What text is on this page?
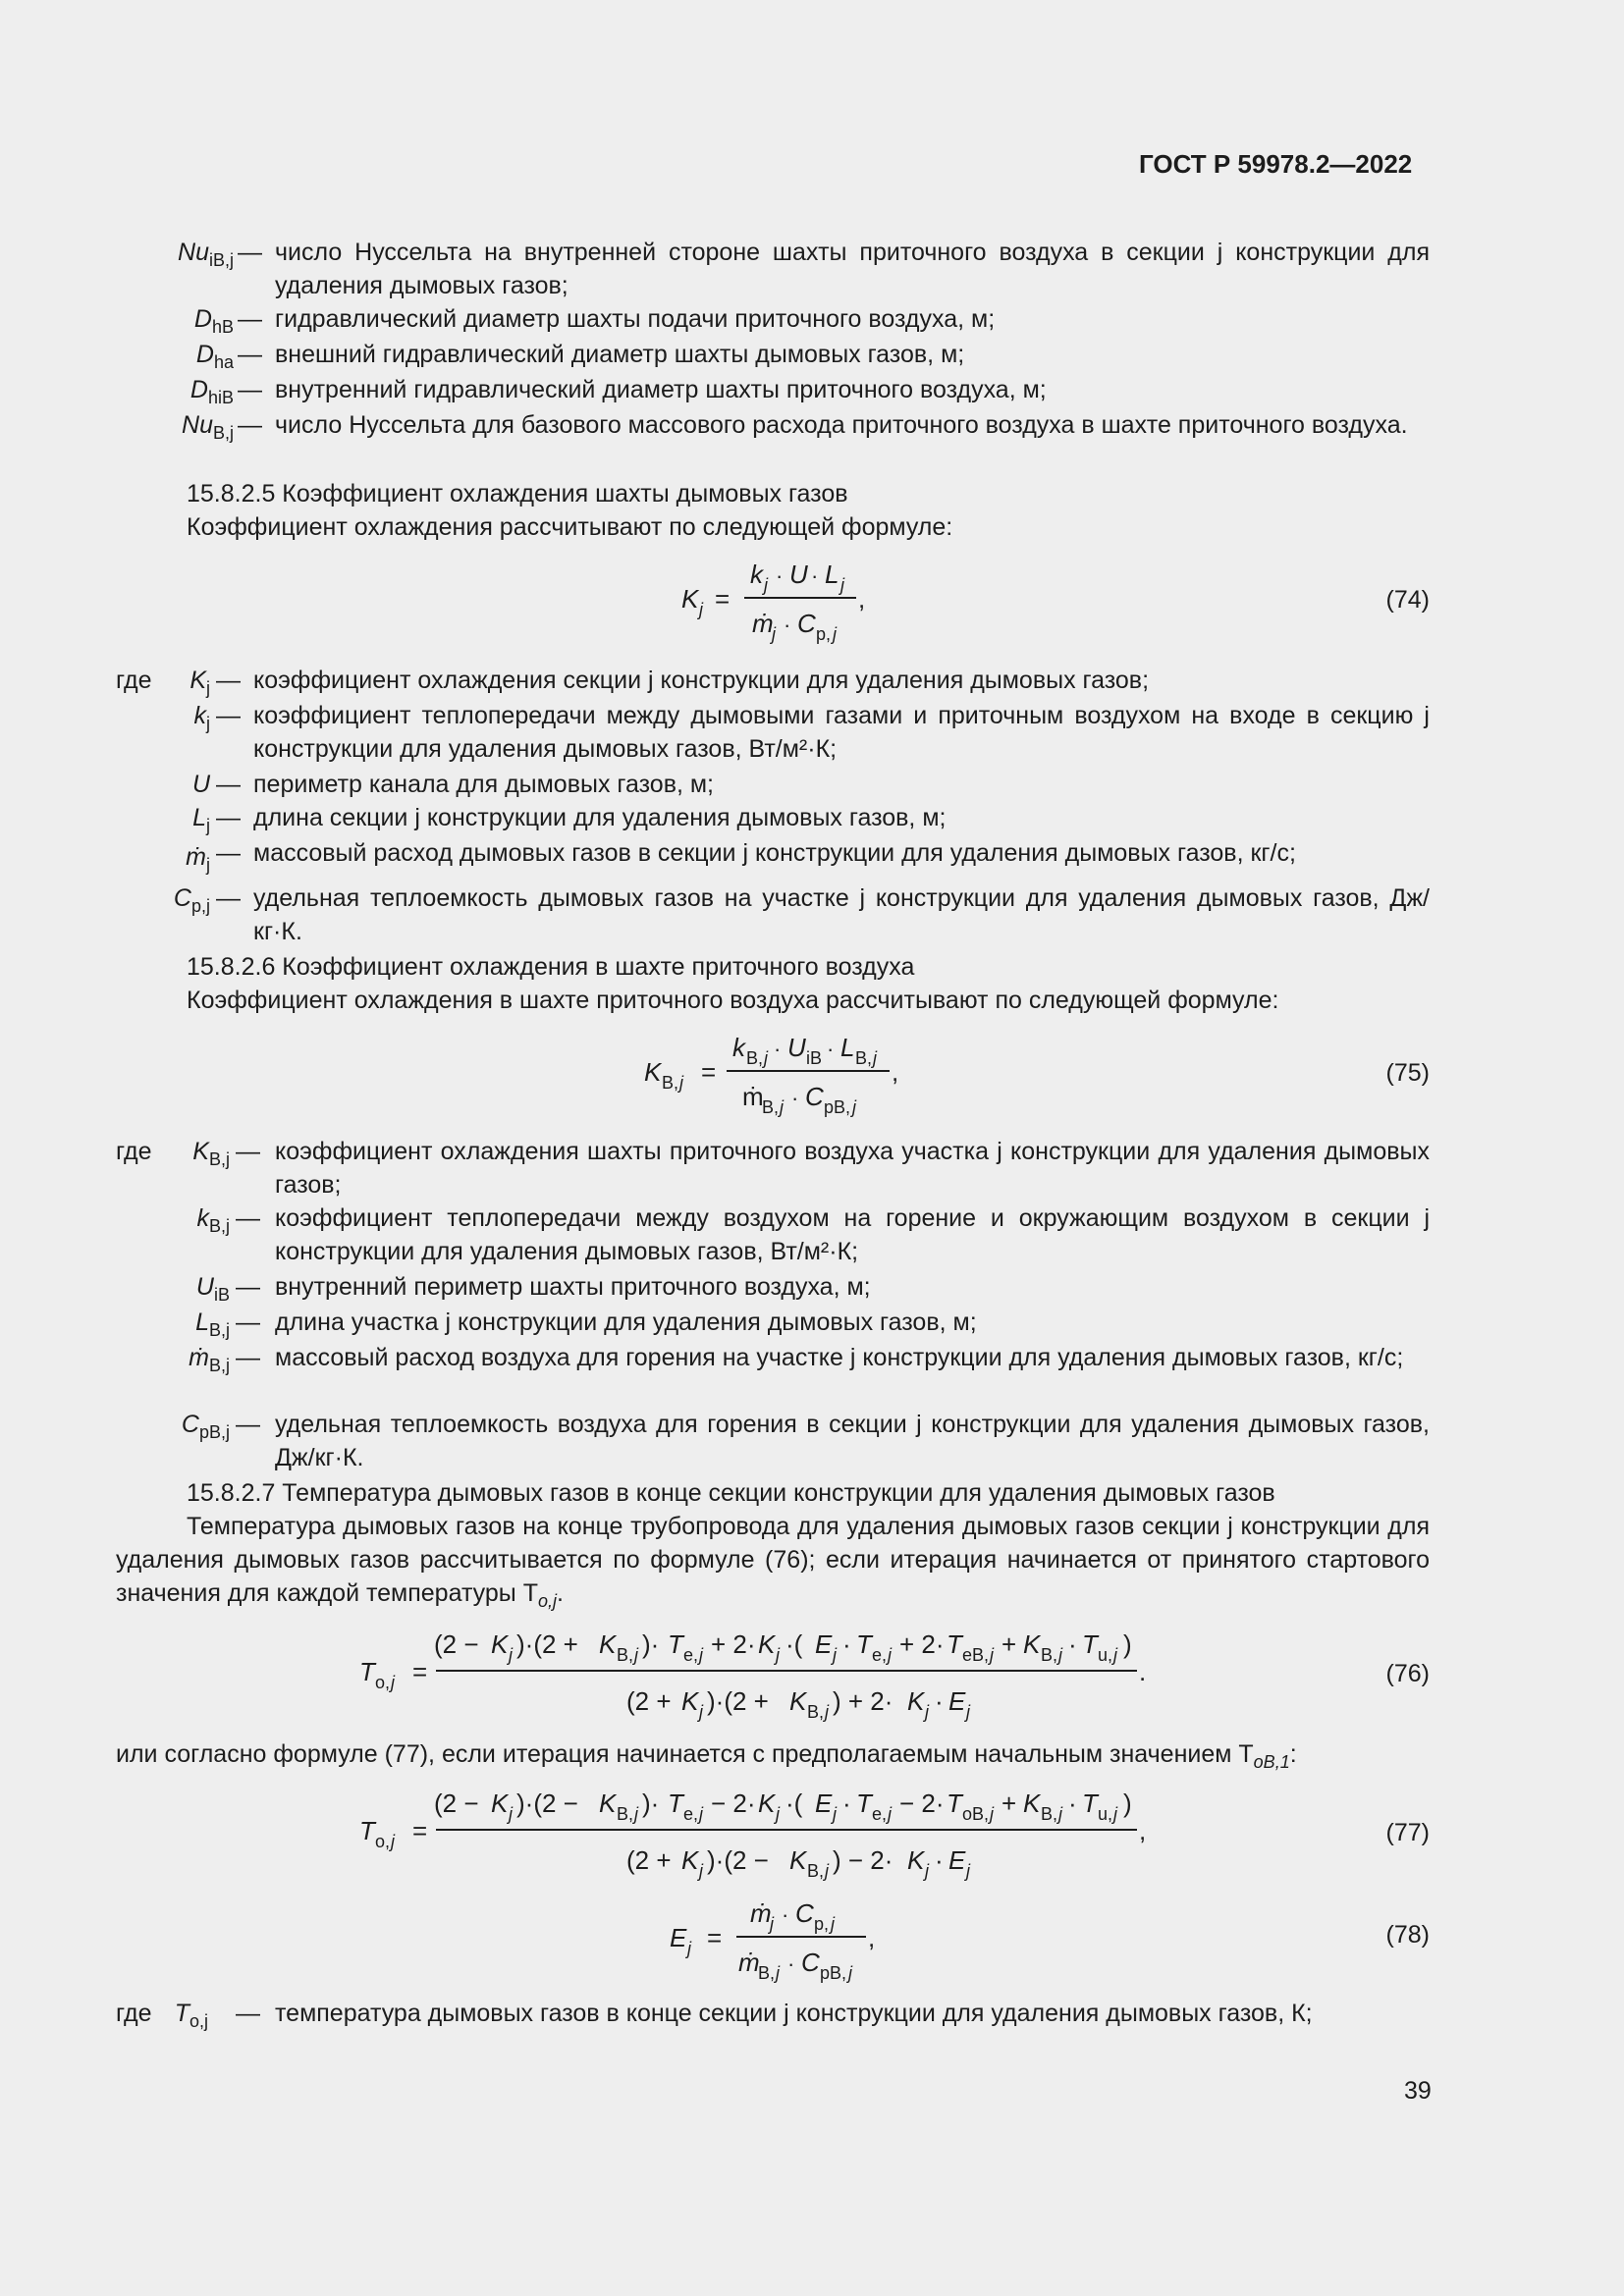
ГОСТ Р 59978.2—2022
$Nu_{iB,j}$ — число Нуссельта на внутренней стороне шахты приточного воздуха в секции j конструкции для удаления дымовых газов;
$D_{hB}$ — гидравлический диаметр шахты подачи приточного воздуха, м;
$D_{ha}$ — внешний гидравлический диаметр шахты дымовых газов, м;
$D_{hiB}$ — внутренний гидравлический диаметр шахты приточного воздуха, м;
$Nu_{B,j}$ — число Нуссельта для базового массового расхода приточного воздуха в шахте приточного воздуха.
15.8.2.5 Коэффициент охлаждения шахты дымовых газов
Коэффициент охлаждения рассчитывают по следующей формуле:
K j =
k j · U · L j
ṁ
j · C p, j
,	(74)
где	$K_j$ — коэффициент охлаждения секции j конструкции для удаления дымовых газов;
$k_j$ — коэффициент теплопередачи между дымовыми газами и приточным воздухом на входе в секцию j конструкции для удаления дымовых газов, Вт/м²·К;
U — периметр канала для дымовых газов, м;
$L_j$ — длина секции j конструкции для удаления дымовых газов, м;
ṁ$_j$ — массовый расход дымовых газов в секции j конструкции для удаления дымовых газов, кг/с;
$C_{p,j}$ — удельная теплоемкость дымовых газов на участке j конструкции для удаления дымовых газов, Дж/кг·К.
15.8.2.6 Коэффициент охлаждения в шахте приточного воздуха
Коэффициент охлаждения в шахте приточного воздуха рассчитывают по следующей формуле:
K B, j =
k B, j · U iB · L B, j
ṁ
B, j · C pB, j
,	(75)
где	$K_{B,j}$ — коэффициент охлаждения шахты приточного воздуха участка j конструкции для удаления дымовых газов;
$k_{B,j}$ — коэффициент теплопередачи между воздухом на горение и окружающим воздухом в секции j конструкции для удаления дымовых газов, Вт/м²·К;
$U_{iB}$ — внутренний периметр шахты приточного воздуха, м;
$L_{B,j}$ — длина участка j конструкции для удаления дымовых газов, м;
ṁ$_{B,j}$ — массовый расход воздуха для горения на участке j конструкции для удаления дымовых газов, кг/с;
$C_{pB,j}$ — удельная теплоемкость воздуха для горения в секции j конструкции для удаления дымовых газов, Дж/кг·К.
15.8.2.7 Температура дымовых газов в конце секции конструкции для удаления дымовых газов
Температура дымовых газов на конце трубопровода для удаления дымовых газов секции j конструкции для удаления дымовых газов рассчитывается по формуле (76); если итерация начинается от принятого стартового значения для каждой температуры $T_{o,j}$.
T o, j =
(2 − K j )·(2 + K B, j )· T e, j + 2· K j ·( E j · T e, j + 2· T eB, j + K B, j · T u, j )
(2 + K j )·(2 + K B, j ) + 2· K j · E j
.	(76)
или согласно формуле (77), если итерация начинается с предполагаемым начальным значением $T_{oB,1}$:
T o, j =
(2 − K j )·(2 − K B, j )· T e, j − 2· K j ·( E j · T e, j − 2· T oB, j + K B, j · T u, j )
(2 + K j )·(2 − K B, j ) − 2· K j · E j
,	(77)
E j =
ṁ
j · C p, j
ṁ
B, j · C pB, j
,	(78)
где $T_{o,j}$ — температура дымовых газов в конце секции j конструкции для удаления дымовых газов, К;
39
